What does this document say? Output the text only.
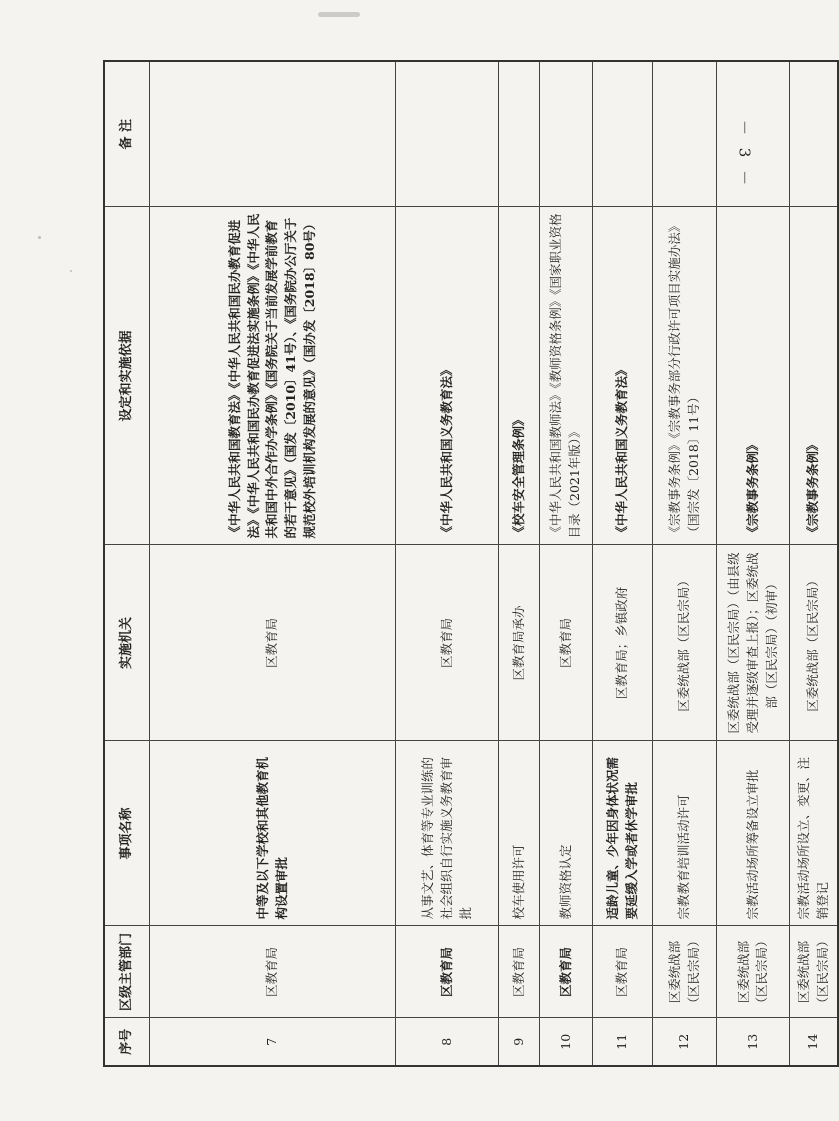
序号	区级主管部门	事项名称	实施机关	设定和实施依据	备 注
7	区教育局	中等及以下学校和其他教育机构设置审批	区教育局	《中华人民共和国教育法》《中华人民共和国民办教育促进法》《中华人民共和国民办教育促进法实施条例》《中华人民共和国中外合作办学条例》《国务院关于当前发展学前教育的若干意见》（国发〔2010〕41号）、《国务院办公厅关于规范校外培训机构发展的意见》（国办发〔2018〕80号）	
8	区教育局	从事文艺、体育等专业训练的社会组织自行实施义务教育审批	区教育局	《中华人民共和国义务教育法》	
9	区教育局	校车使用许可	区教育局承办	《校车安全管理条例》	
10	区教育局	教师资格认定	区教育局	《中华人民共和国教师法》《教师资格条例》《国家职业资格目录（2021年版）》	
11	区教育局	适龄儿童、少年因身体状况需要延缓入学或者休学审批	区教育局；乡镇政府	《中华人民共和国义务教育法》	
12	区委统战部（区民宗局）	宗教教育培训活动许可	区委统战部（区民宗局）	《宗教事务条例》《宗教事务部分行政许可项目实施办法》（国宗发〔2018〕11号）	
13	区委统战部（区民宗局）	宗教活动场所筹备设立审批	区委统战部（区民宗局）（由县级受理并逐级审查上报）；区委统战部（区民宗局）（初审）	《宗教事务条例》	
14	区委统战部（区民宗局）	宗教活动场所设立、变更、注销登记	区委统战部（区民宗局）	《宗教事务条例》	
－ 3 －
